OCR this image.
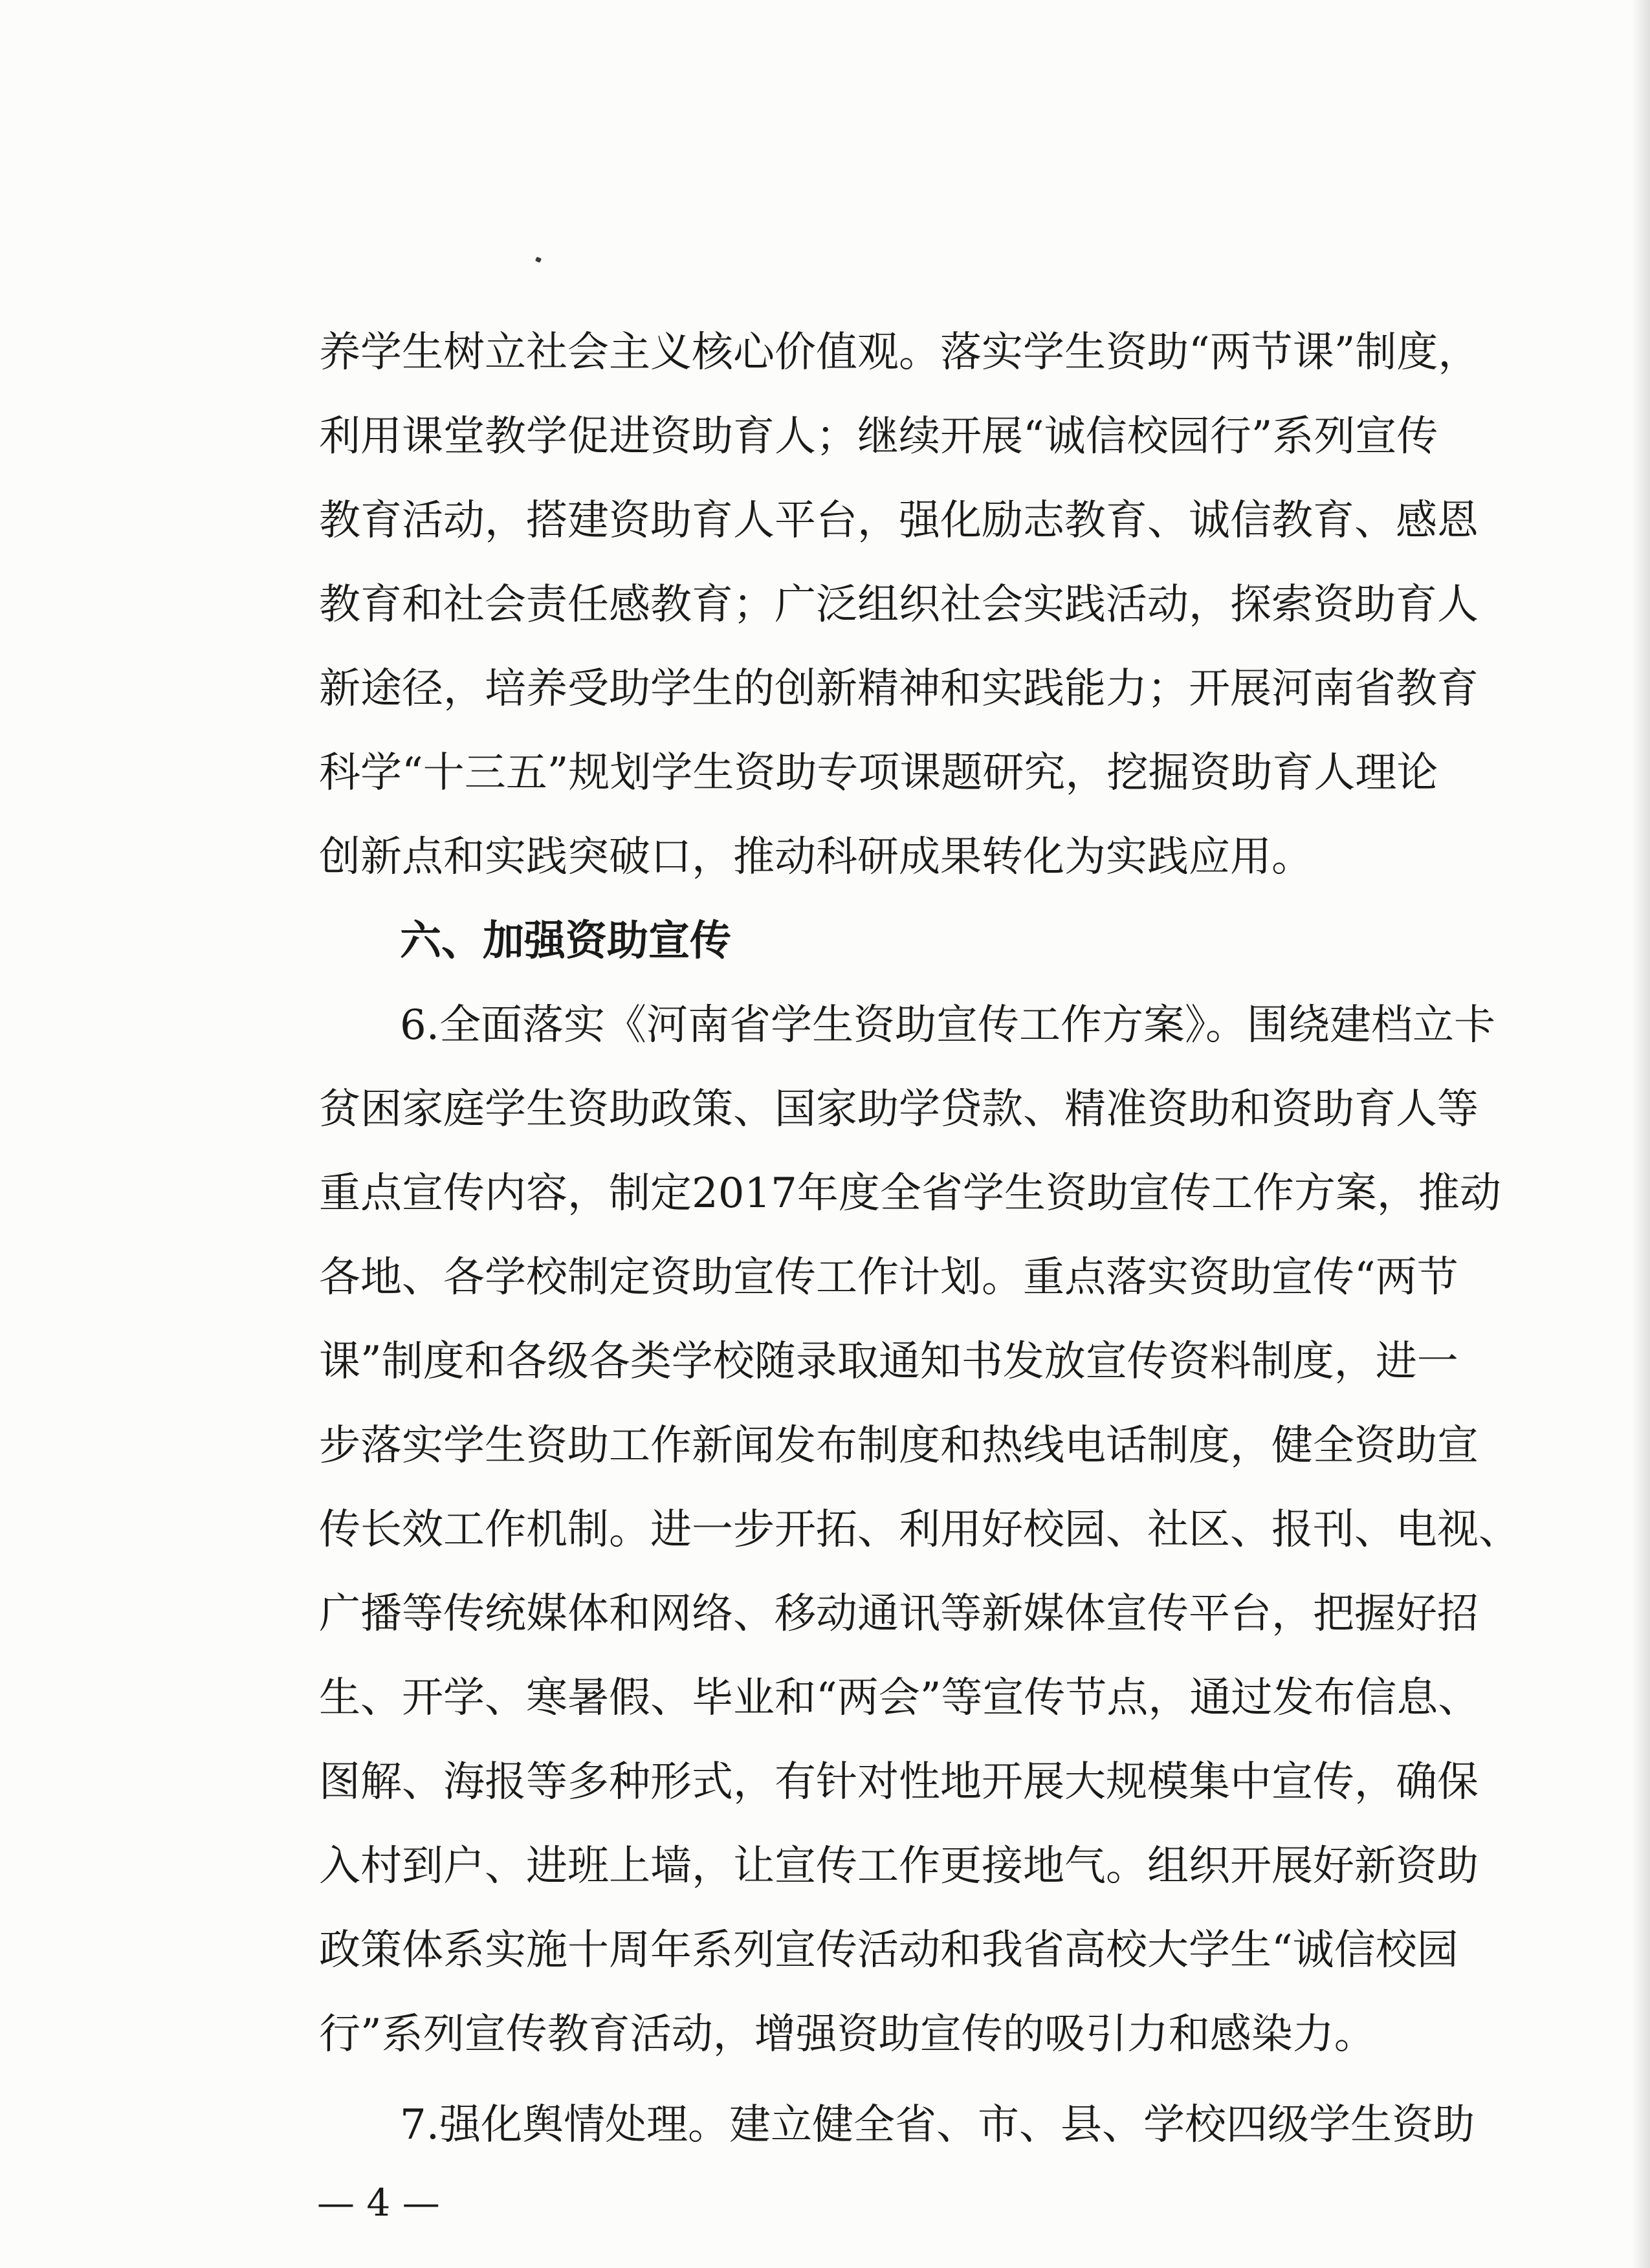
养学生树立社会主义核心价值观。落实学生资助“两节课”制度，
利用课堂教学促进资助育人；继续开展“诚信校园行”系列宣传
教育活动，搭建资助育人平台，强化励志教育、诚信教育、感恩
教育和社会责任感教育；广泛组织社会实践活动，探索资助育人
新途径，培养受助学生的创新精神和实践能力；开展河南省教育
科学“十三五”规划学生资助专项课题研究，挖掘资助育人理论
创新点和实践突破口，推动科研成果转化为实践应用。
六、加强资助宣传
6.全面落实《河南省学生资助宣传工作方案》。围绕建档立卡
贫困家庭学生资助政策、国家助学贷款、精准资助和资助育人等
重点宣传内容，制定2017年度全省学生资助宣传工作方案，推动
各地、各学校制定资助宣传工作计划。重点落实资助宣传“两节
课”制度和各级各类学校随录取通知书发放宣传资料制度，进一
步落实学生资助工作新闻发布制度和热线电话制度，健全资助宣
传长效工作机制。进一步开拓、利用好校园、社区、报刊、电视、
广播等传统媒体和网络、移动通讯等新媒体宣传平台，把握好招
生、开学、寒暑假、毕业和“两会”等宣传节点，通过发布信息、
图解、海报等多种形式，有针对性地开展大规模集中宣传，确保
入村到户、进班上墙，让宣传工作更接地气。组织开展好新资助
政策体系实施十周年系列宣传活动和我省高校大学生“诚信校园
行”系列宣传教育活动，增强资助宣传的吸引力和感染力。
7.强化舆情处理。建立健全省、市、县、学校四级学生资助
— 4 —
